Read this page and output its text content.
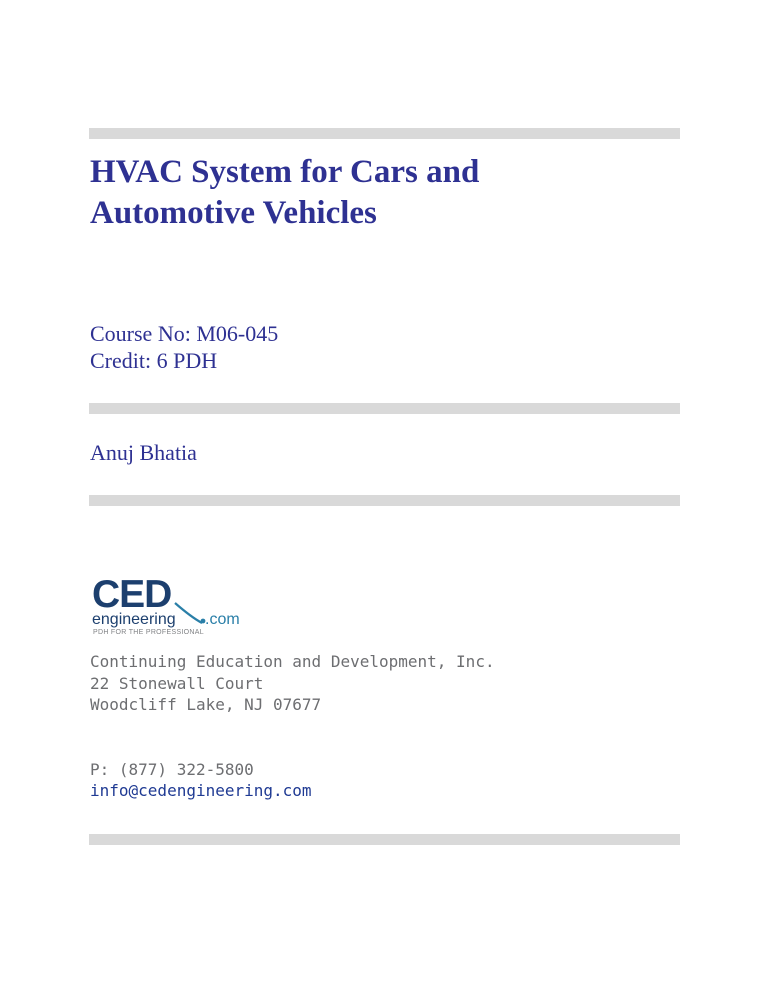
HVAC System for Cars and
Automotive Vehicles

Course No: M06-045

Credit: 6 PDH

Anuj Bhatia

CED
engineering .com
PDH FOR THE PROFESSIONAL

Continuing Education and Development, Inc.

22 Stonewall Court

Woodcliff Lake, NJ 07677

P: (877) 322-5800

info@cedengineering.com
